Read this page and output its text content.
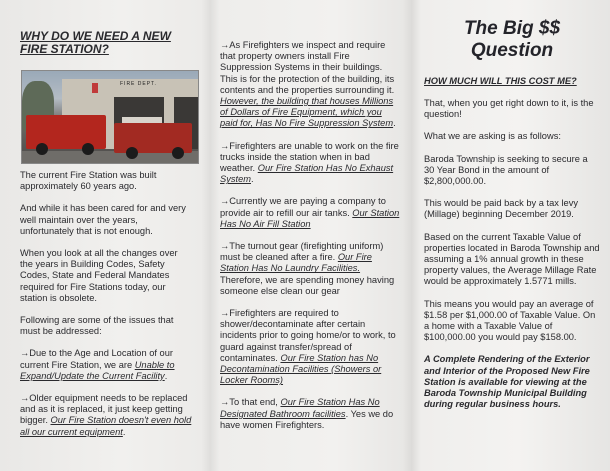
WHY DO WE NEED A NEW FIRE STATION?
FIRE DEPT.

The current Fire Station was built approximately 60 years ago.

And while it has been cared for and very well maintain over the years, unfortunately that is not enough.

When you look at all the changes over the years in Building Codes, Safety Codes, State and Federal Mandates required for Fire Stations today, our station is obsolete.

Following are some of the issues that must be addressed:

→Due to the Age and Location of our current Fire Station, we are Unable to Expand/Update the Current Facility.

→Older equipment needs to be replaced and as it is replaced, it just keep getting bigger. Our Fire Station doesn't even hold all our current equipment.

→As Firefighters we inspect and require that property owners install Fire Suppression Systems in their buildings. This is for the protection of the building, its contents and the properties surrounding it. However, the building that houses Millions of Dollars of Fire Equipment, which you paid for, Has No Fire Suppression System.

→Firefighters are unable to work on the fire trucks inside the station when in bad weather. Our Fire Station Has No Exhaust System.

→Currently we are paying a company to provide air to refill our air tanks. Our Station Has No Air Fill Station

→The turnout gear (firefighting uniform) must be cleaned after a fire. Our Fire Station Has No Laundry Facilities. Therefore, we are spending money having someone else clean our gear

→Firefighters are required to shower/decontaminate after certain incidents prior to going home/or to work, to guard against transfer/spread of contaminates. Our Fire Station has No Decontamination Facilities (Showers or Locker Rooms)

→To that end, Our Fire Station Has No Designated Bathroom facilities. Yes we do have women Firefighters.

The Big $$
Question
HOW MUCH WILL THIS COST ME?

That, when you get right down to it, is the question!

What we are asking is as follows:

Baroda Township is seeking to secure a 30 Year Bond in the amount of $2,800,000.00.

This would be paid back by a tax levy (Millage) beginning December 2019.

Based on the current Taxable Value of properties located in Baroda Township and assuming a 1% annual growth in these property values, the Average Millage Rate would be approximately 1.5771 mills.

This means you would pay an average of $1.58 per $1,000.00 of Taxable Value. On a home with a Taxable Value of $100,000.00 you would pay $158.00.

A Complete Rendering of the Exterior and Interior of the Proposed New Fire Station is available for viewing at the Baroda Township Municipal Building during regular business hours.
